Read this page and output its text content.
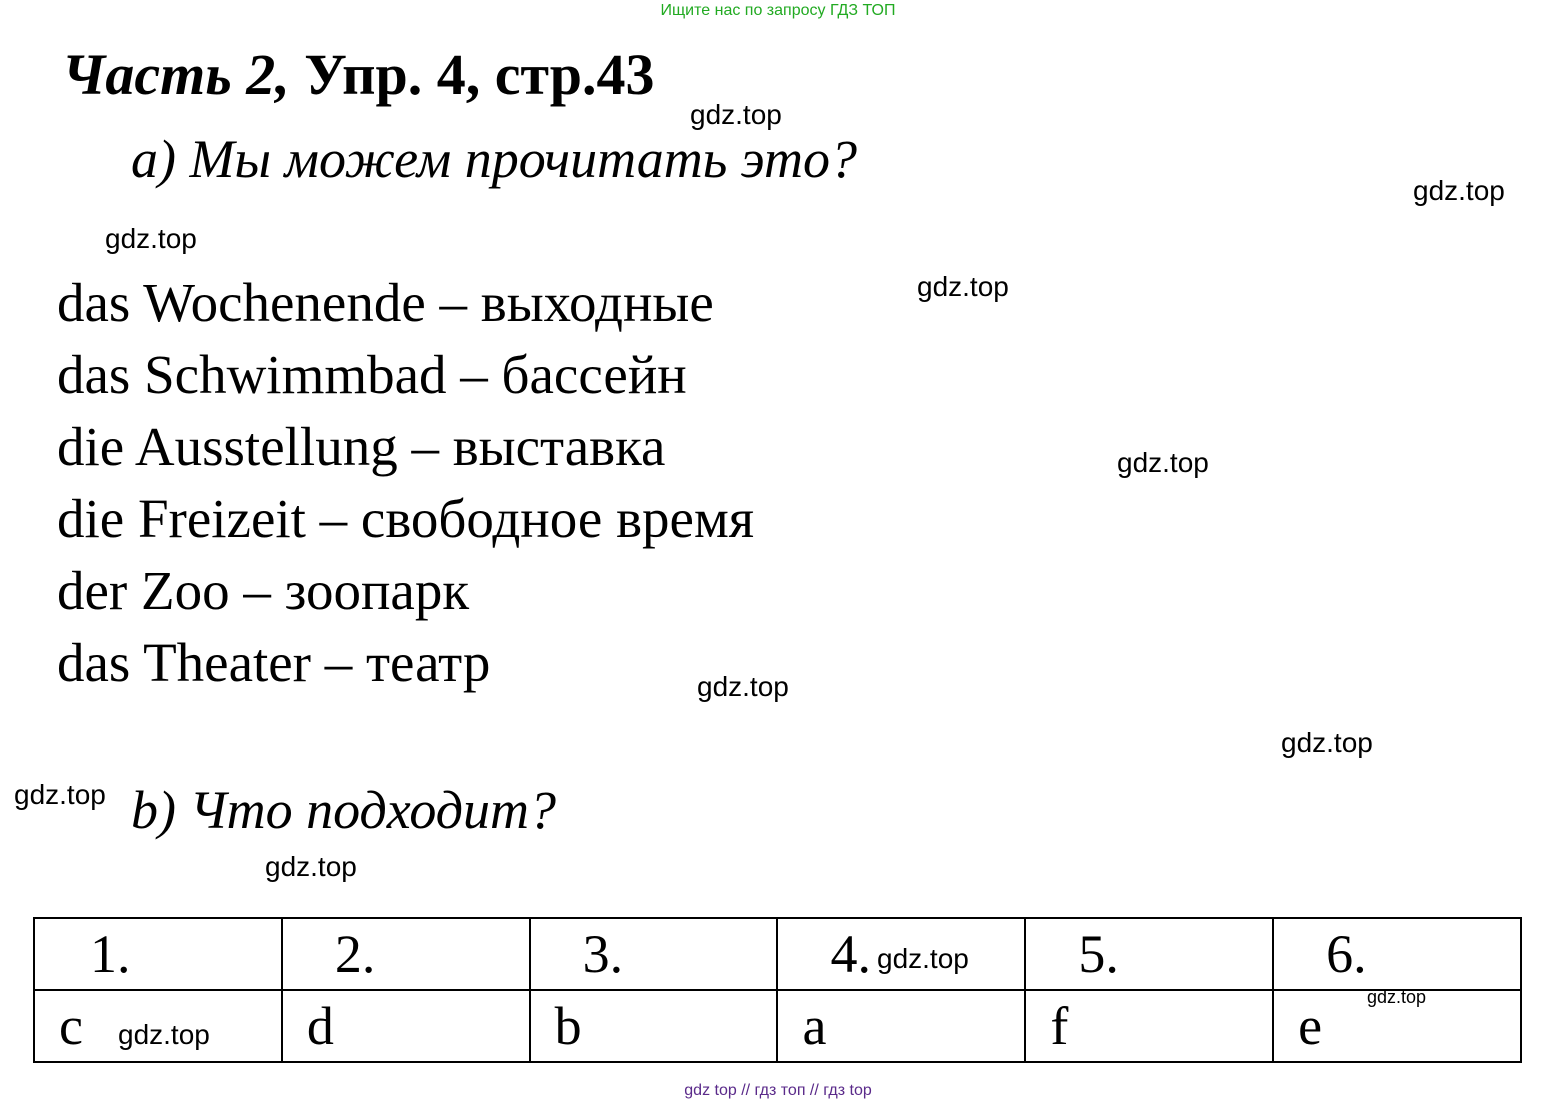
Ищите нас по запросу ГДЗ ТОП
Часть 2, Упр. 4, стр.43
a) Мы можем прочитать это?
das Wochenende – выходные
das Schwimmbad – бассейн
die Ausstellung – выставка
die Freizeit – свободное время
der Zoo – зоопарк
das Theater – театр
b) Что подходит?
1.	2.	3.	4.	5.	6.

c	d	b	a	f	e
gdz.top
gdz.top
gdz.top
gdz.top
gdz.top
gdz.top
gdz.top
gdz.top
gdz.top
gdz.top
gdz.top
gdz.top
gdz top // гдз топ // гдз top
